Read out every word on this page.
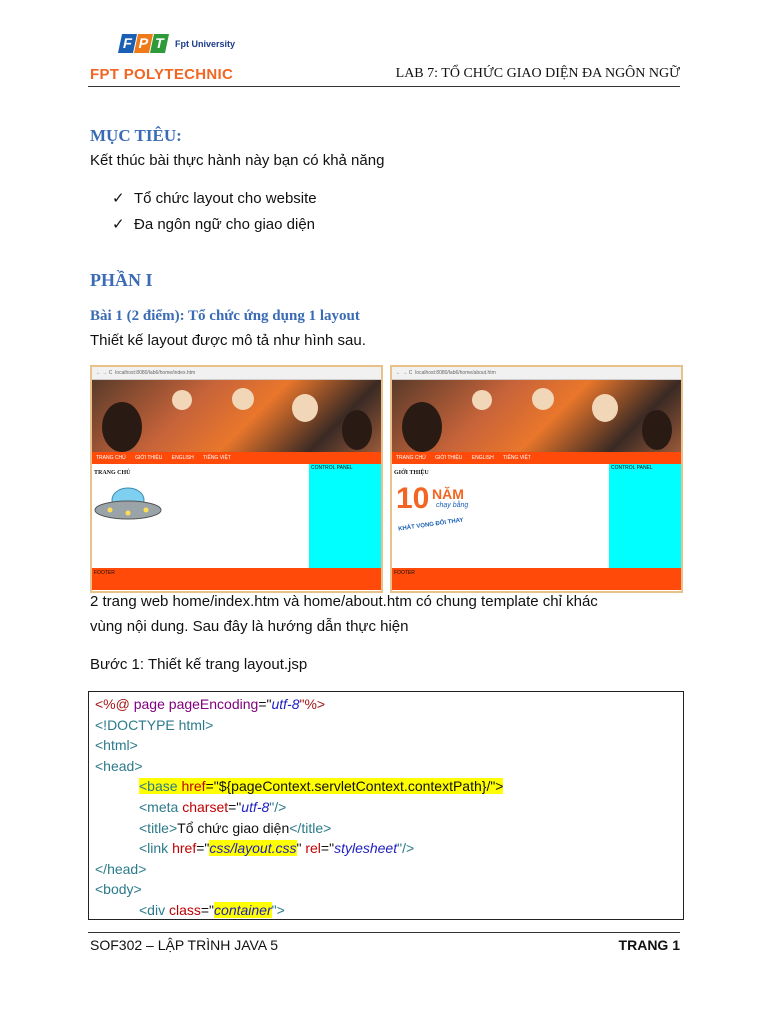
F P T	Fpt University
FPT POLYTECHNIC	LAB 7: TỔ CHỨC GIAO DIỆN ĐA NGÔN NGỮ
MỤC TIÊU:
Kết thúc bài thực hành này bạn có khả năng
✓ Tổ chức layout cho website
✓ Đa ngôn ngữ cho giao diện
PHẦN I
Bài 1 (2 điểm): Tổ chức ứng dụng 1 layout
Thiết kế layout được mô tả như hình sau.
← → C  localhost:8080/lab6/home/index.htm
TRANG CHỦ GIỚI THIỆU ENGLISH TIẾNG VIỆT
TRANG CHỦ
CONTROL PANEL
FOOTER
← → C  localhost:8080/lab6/home/about.htm
TRANG CHỦ GIỚI THIỆU ENGLISH TIẾNG VIỆT
GIỚI THIỆU
10 NĂM
chạy bằng
KHÁT VỌNG ĐỔI THAY
CONTROL PANEL
FOOTER
2 trang web home/index.htm và home/about.htm có chung template chỉ khác
vùng nội dung. Sau đây là hướng dẫn thực hiện
Bước 1: Thiết kế trang layout.jsp
<%@ page pageEncoding="utf-8"%>
<!DOCTYPE html>
<html>
<head>
<base href="${pageContext.servletContext.contextPath}/">
<meta charset="utf-8"/>
<title>Tổ chức giao diện</title>
<link href="css/layout.css" rel="stylesheet"/>
</head>
<body>
<div class="container">
SOF302 – LẬP TRÌNH JAVA 5	TRANG 1
